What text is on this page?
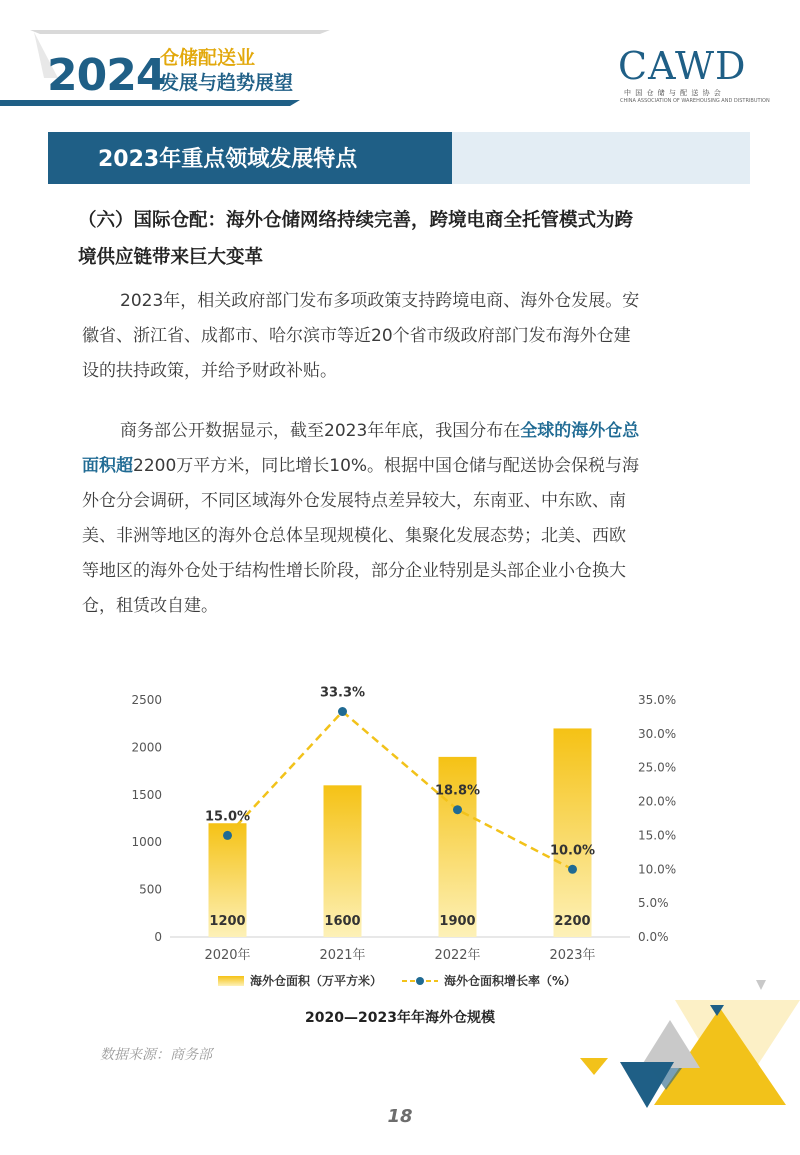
2024
仓储配送业
发展与趋势展望	CAWD
中 国 仓 储 与 配 送 协 会
CHINA ASSOCIATION OF WAREHOUSING AND DISTRIBUTION
2023年重点领域发展特点
（六）国际仓配：海外仓储网络持续完善，跨境电商全托管模式为跨
境供应链带来巨大变革
2023年，相关政府部门发布多项政策支持跨境电商、海外仓发展。安
徽省、浙江省、成都市、哈尔滨市等近20个省市级政府部门发布海外仓建
设的扶持政策，并给予财政补贴。
商务部公开数据显示，截至2023年年底，我国分布在全球的海外仓总
面积超2200万平方米，同比增长10%。根据中国仓储与配送协会保税与海
外仓分会调研，不同区域海外仓发展特点差异较大，东南亚、中东欧、南
美、非洲等地区的海外仓总体呈现规模化、集聚化发展态势；北美、西欧
等地区的海外仓处于结构性增长阶段，部分企业特别是头部企业小仓换大
仓，租赁改自建。
0
500
1000
1500
2000
2500
0.0%
5.0%
10.0%
15.0%
20.0%
25.0%
30.0%
35.0%
1200	1600	1900	2200
2020年	2021年	2022年	2023年
15.0%
33.3%
18.8%
10.0%
海外仓面积（万平方米）	海外仓面积增长率（%）
2020—2023年年海外仓规模
数据来源：商务部
18
